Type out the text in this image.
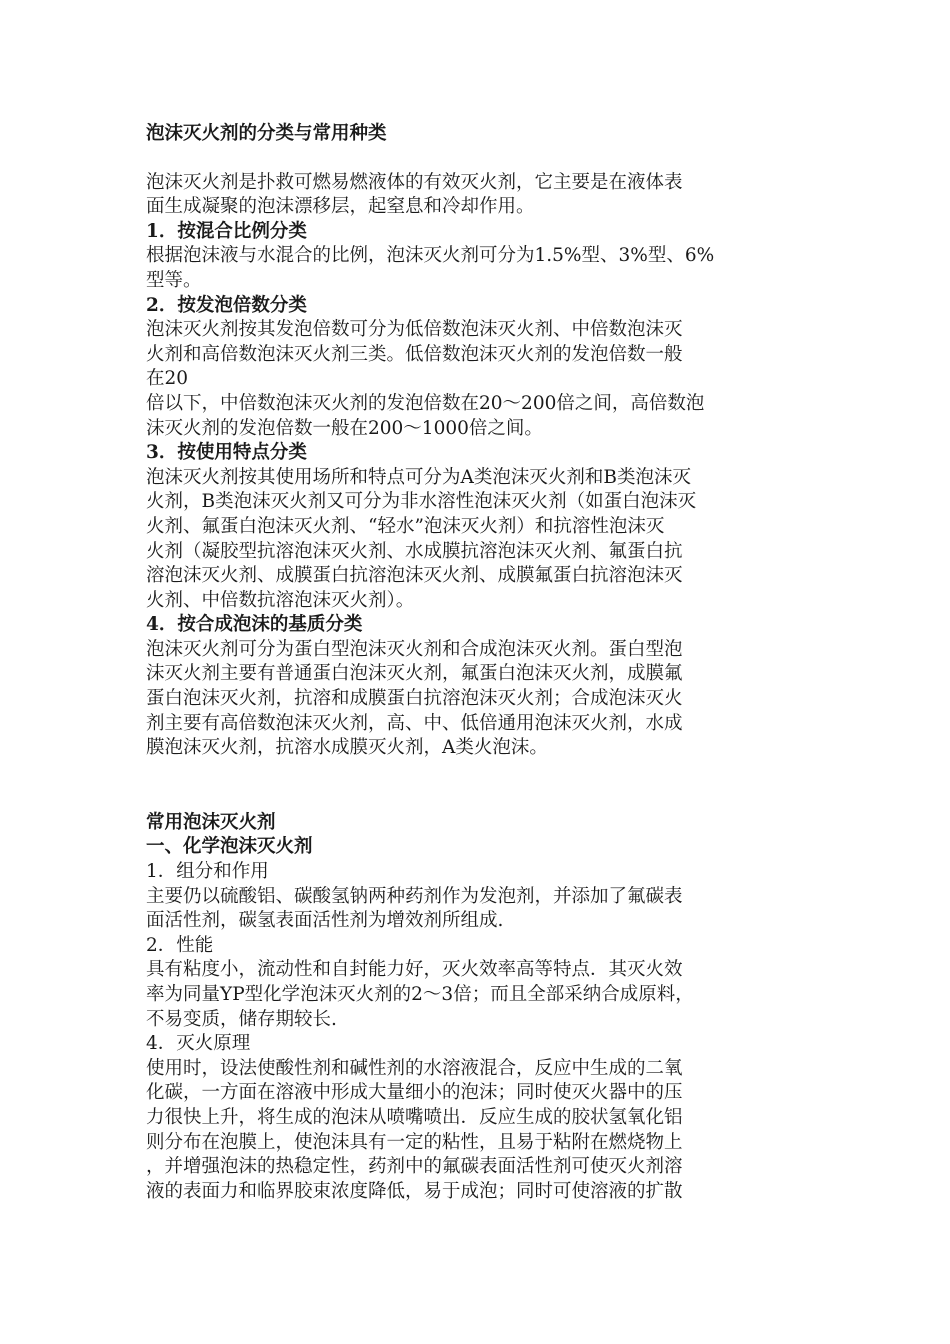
泡沫灭火剂的分类与常用种类

泡沫灭火剂是扑救可燃易燃液体的有效灭火剂，它主要是在液体表
面生成凝聚的泡沫漂移层，起窒息和冷却作用。

1．按混合比例分类

根据泡沫液与水混合的比例，泡沫灭火剂可分为1.5%型、3%型、6%
型等。

2．按发泡倍数分类

泡沫灭火剂按其发泡倍数可分为低倍数泡沫灭火剂、中倍数泡沫灭
火剂和高倍数泡沫灭火剂三类。低倍数泡沫灭火剂的发泡倍数一般
在20
倍以下，中倍数泡沫灭火剂的发泡倍数在20～200倍之间，高倍数泡
沫灭火剂的发泡倍数一般在200～1000倍之间。

3．按使用特点分类

泡沫灭火剂按其使用场所和特点可分为A类泡沫灭火剂和B类泡沫灭
火剂，B类泡沫灭火剂又可分为非水溶性泡沫灭火剂（如蛋白泡沫灭
火剂、氟蛋白泡沫灭火剂、“轻水”泡沫灭火剂）和抗溶性泡沫灭
火剂（凝胶型抗溶泡沫灭火剂、水成膜抗溶泡沫灭火剂、氟蛋白抗
溶泡沫灭火剂、成膜蛋白抗溶泡沫灭火剂、成膜氟蛋白抗溶泡沫灭
火剂、中倍数抗溶泡沫灭火剂）。

4．按合成泡沫的基质分类

泡沫灭火剂可分为蛋白型泡沫灭火剂和合成泡沫灭火剂。蛋白型泡
沫灭火剂主要有普通蛋白泡沫灭火剂，氟蛋白泡沫灭火剂，成膜氟
蛋白泡沫灭火剂，抗溶和成膜蛋白抗溶泡沫灭火剂；合成泡沫灭火
剂主要有高倍数泡沫灭火剂，高、中、低倍通用泡沫灭火剂，水成
膜泡沫灭火剂，抗溶水成膜灭火剂，A类火泡沫。

常用泡沫灭火剂

一、化学泡沫灭火剂

1．组分和作用

主要仍以硫酸铝、碳酸氢钠两种药剂作为发泡剂，并添加了氟碳表
面活性剂，碳氢表面活性剂为增效剂所组成.

2．性能

具有粘度小，流动性和自封能力好，灭火效率高等特点．其灭火效
率为同量YP型化学泡沫灭火剂的2～3倍；而且全部采纳合成原料，
不易变质，储存期较长.

4．灭火原理

使用时，设法使酸性剂和碱性剂的水溶液混合，反应中生成的二氧
化碳，一方面在溶液中形成大量细小的泡沫；同时使灭火器中的压
力很快上升，将生成的泡沫从喷嘴喷出．反应生成的胶状氢氧化铝
则分布在泡膜上，使泡沫具有一定的粘性，且易于粘附在燃烧物上
，并增强泡沫的热稳定性，药剂中的氟碳表面活性剂可使灭火剂溶
液的表面力和临界胶束浓度降低，易于成泡；同时可使溶液的扩散
